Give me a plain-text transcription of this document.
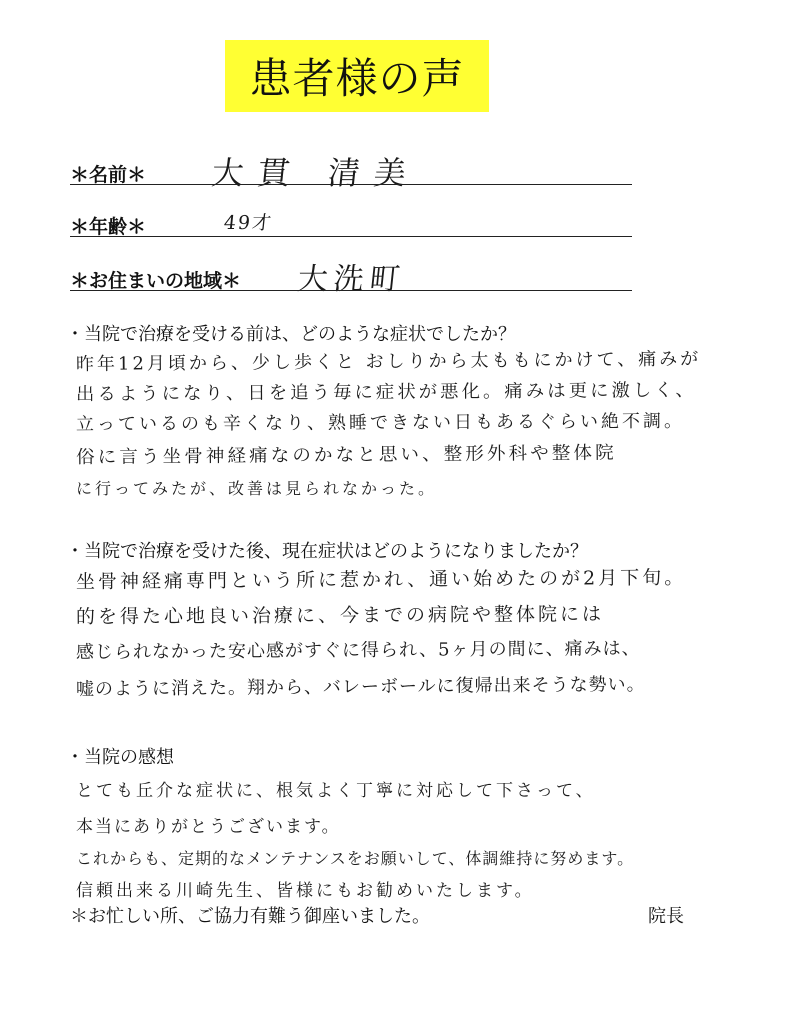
患者様の声
＊名前＊ 大貫 清美
＊年齢＊	49才
＊お住まいの地域＊ 大洗町
・当院で治療を受ける前は、どのような症状でしたか？
昨年12月頃から、少し歩くと おしりから太ももにかけて、痛みが
出るようになり、日を追う毎に症状が悪化。痛みは更に激しく、
立っているのも辛くなり、熟睡できない日もあるぐらい絶不調。
俗に言う坐骨神経痛なのかなと思い、整形外科や整体院
に行ってみたが、改善は見られなかった。
・当院で治療を受けた後、現在症状はどのようになりましたか？
坐骨神経痛専門という所に惹かれ、通い始めたのが2月下旬。
的を得た心地良い治療に、今までの病院や整体院には
感じられなかった安心感がすぐに得られ、5ヶ月の間に、痛みは、
嘘のように消えた。翔から、バレーボールに復帰出来そうな勢い。
・当院の感想
とても丘介な症状に、根気よく丁寧に対応して下さって、
本当にありがとうございます。
これからも、定期的なメンテナンスをお願いして、体調維持に努めます。
信頼出来る川崎先生、皆様にもお勧めいたします。
＊お忙しい所、ご協力有難う御座いました。	院長
